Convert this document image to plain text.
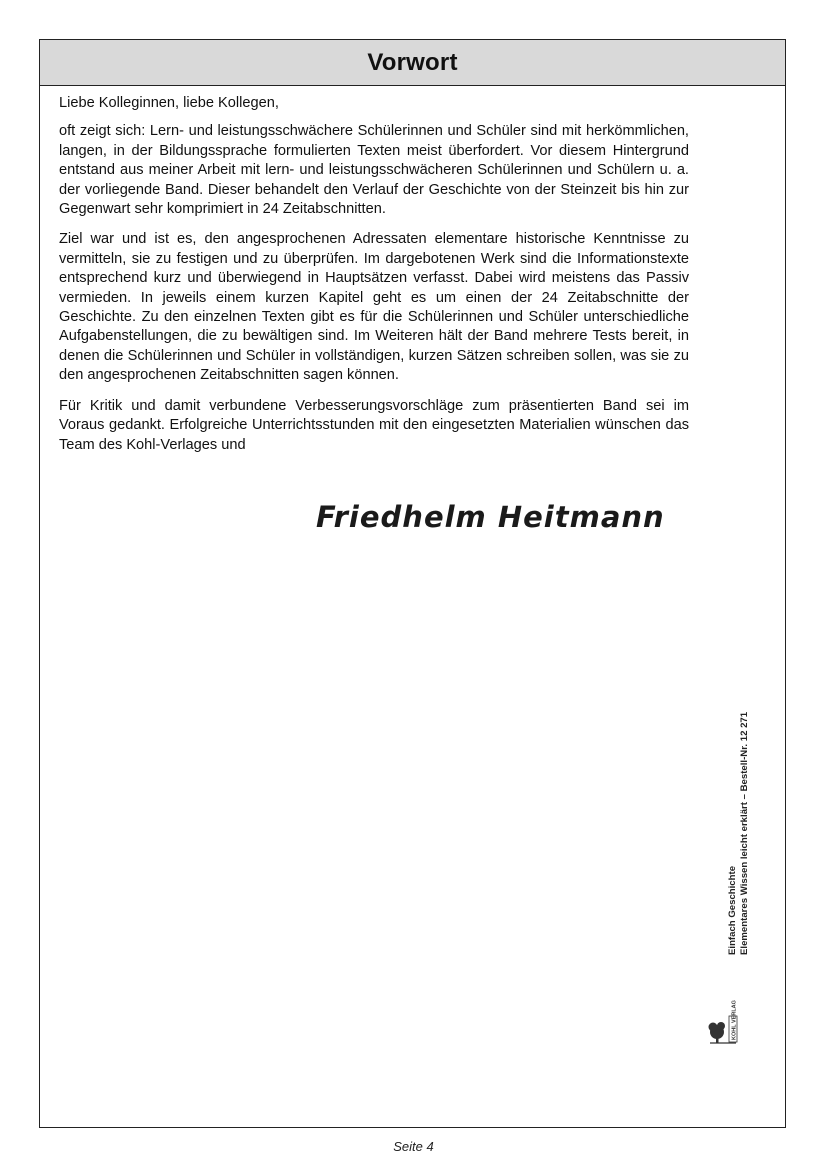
Vorwort

Liebe Kolleginnen, liebe Kollegen,

oft zeigt sich: Lern- und leistungsschwächere Schülerinnen und Schüler sind mit herkömmlichen, langen, in der Bildungssprache formulierten Texten meist überfordert. Vor diesem Hintergrund entstand aus meiner Arbeit mit lern- und leistungsschwächeren Schülerinnen und Schülern u. a. der vorliegende Band. Dieser behandelt den Verlauf der Geschichte von der Steinzeit bis hin zur Gegenwart sehr komprimiert in 24 Zeitabschnitten.

Ziel war und ist es, den angesprochenen Adressaten elementare historische Kenntnisse zu vermitteln, sie zu festigen und zu überprüfen. Im dargebotenen Werk sind die Informationstexte entsprechend kurz und überwiegend in Hauptsätzen verfasst. Dabei wird meistens das Passiv vermieden. In jeweils einem kurzen Kapitel geht es um einen der 24 Zeitabschnitte der Geschichte. Zu den einzelnen Texten gibt es für die Schülerinnen und Schüler unterschiedliche Aufgabenstellungen, die zu bewältigen sind. Im Weiteren hält der Band mehrere Tests bereit, in denen die Schülerinnen und Schüler in vollständigen, kurzen Sätzen schreiben sollen, was sie zu den angesprochenen Zeitabschnitten sagen können.

Für Kritik und damit verbundene Verbesserungsvorschläge zum präsentierten Band sei im Voraus gedankt. Erfolgreiche Unterrichtsstunden mit den eingesetzten Materialien wünschen das Team des Kohl-Verlages und

Friedhelm Heitmann
Einfach Geschichte Elementares Wissen leicht erklärt – Bestell-Nr. 12 271
KOHL VERLAG
Seite 4
